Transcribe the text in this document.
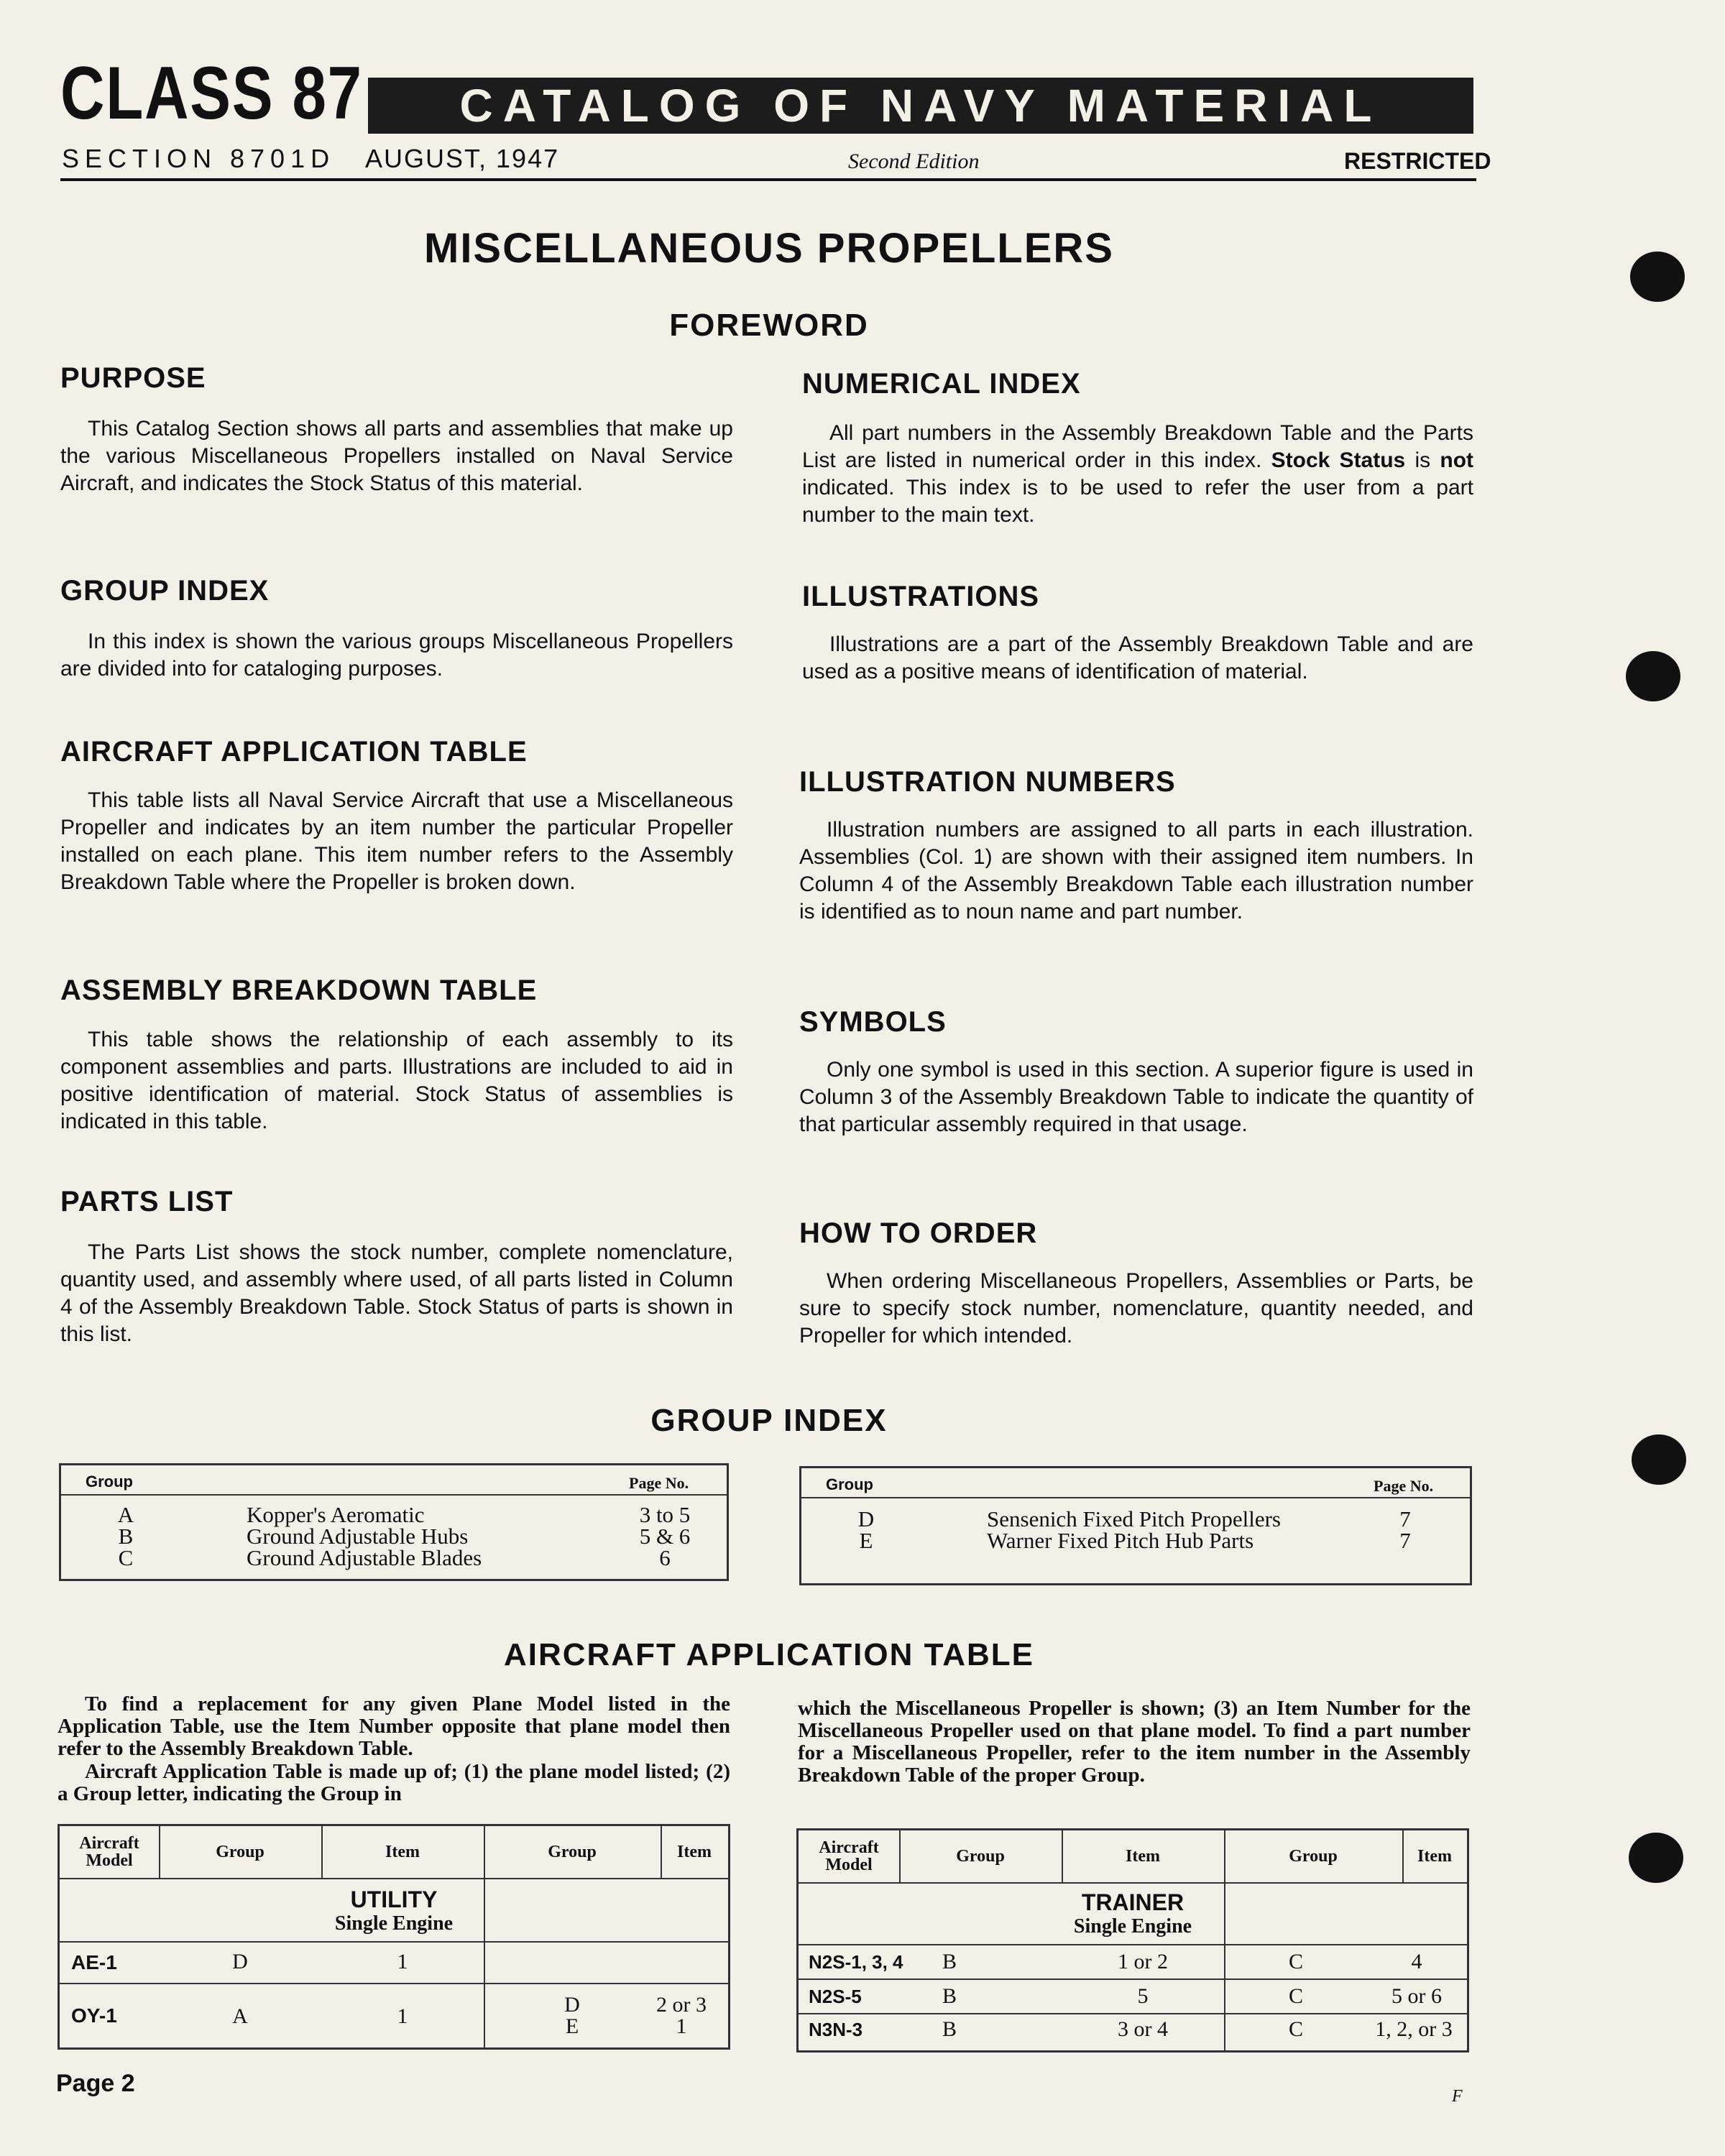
CLASS 87	CATALOG OF NAVY MATERIAL
SECTION 8701D AUGUST, 1947	Second Edition	RESTRICTED
MISCELLANEOUS PROPELLERS
FOREWORD
PURPOSE

This Catalog Section shows all parts and assemblies that make up the various Miscellaneous Propellers installed on Naval Service Aircraft, and indicates the Stock Status of this material.

GROUP INDEX

In this index is shown the various groups Miscellaneous Propellers are divided into for cataloging purposes.

AIRCRAFT APPLICATION TABLE

This table lists all Naval Service Aircraft that use a Miscellaneous Propeller and indicates by an item number the particular Propeller installed on each plane. This item number refers to the Assembly Breakdown Table where the Propeller is broken down.

ASSEMBLY BREAKDOWN TABLE

This table shows the relationship of each assembly to its component assemblies and parts. Illustrations are included to aid in positive identification of material. Stock Status of assemblies is indicated in this table.

PARTS LIST

The Parts List shows the stock number, complete nomenclature, quantity used, and assembly where used, of all parts listed in Column 4 of the Assembly Breakdown Table. Stock Status of parts is shown in this list.

NUMERICAL INDEX

All part numbers in the Assembly Breakdown Table and the Parts List are listed in numerical order in this index. Stock Status is not indicated. This index is to be used to refer the user from a part number to the main text.

ILLUSTRATIONS

Illustrations are a part of the Assembly Breakdown Table and are used as a positive means of identification of material.

ILLUSTRATION NUMBERS

Illustration numbers are assigned to all parts in each illustration. Assemblies (Col. 1) are shown with their assigned item numbers. In Column 4 of the Assembly Breakdown Table each illustration number is identified as to noun name and part number.

SYMBOLS

Only one symbol is used in this section. A superior figure is used in Column 3 of the Assembly Breakdown Table to indicate the quantity of that particular assembly required in that usage.

HOW TO ORDER

When ordering Miscellaneous Propellers, Assemblies or Parts, be sure to specify stock number, nomenclature, quantity needed, and Propeller for which intended.

GROUP INDEX
Group	Page No.
A	Kopper's Aeromatic	3 to 5
B	Ground Adjustable Hubs	5 & 6
C	Ground Adjustable Blades	6
Group	Page No.
D	Sensenich Fixed Pitch Propellers	7
E	Warner Fixed Pitch Hub Parts	7
AIRCRAFT APPLICATION TABLE
To find a replacement for any given Plane Model listed in the Application Table, use the Item Number opposite that plane model then refer to the Assembly Breakdown Table.
Aircraft Application Table is made up of; (1) the plane model listed; (2) a Group letter, indicating the Group in
which the Miscellaneous Propeller is shown; (3) an Item Number for the Miscellaneous Propeller used on that plane model. To find a part number for a Miscellaneous Propeller, refer to the item number in the Assembly Breakdown Table of the proper Group.
Aircraft Model	Group	Item	Group	Item
UTILITY
Single Engine
AE-1	D	1
OY-1	A	1	D	2 or 3
E	1
Aircraft Model	Group	Item	Group	Item
TRAINER
Single Engine
N2S-1, 3, 4	B	1 or 2	C	4
N2S-5	B	5	C	5 or 6
N3N-3	B	3 or 4	C	1, 2, or 3
Page 2	F
